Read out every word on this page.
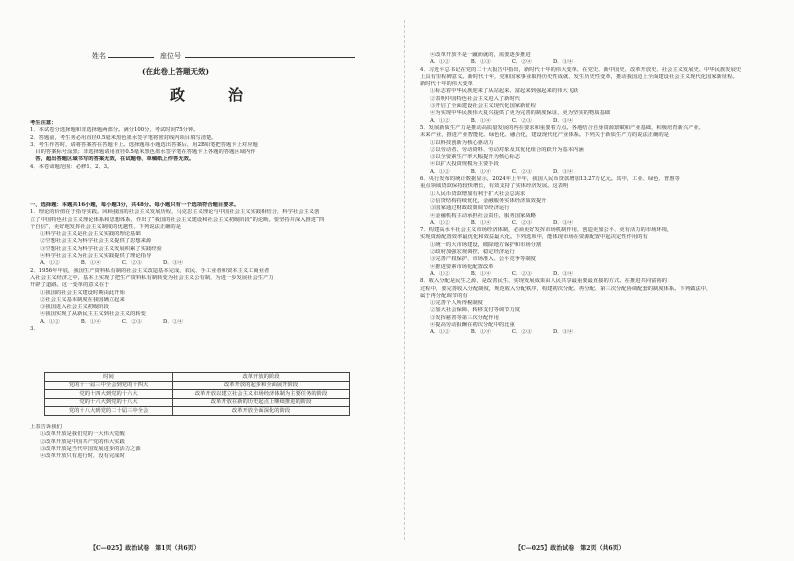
姓名	座位号
(在此卷上答题无效)
政　治
考生注意：
1．本试卷分选择题和非选择题两部分。满分100分，考试时间75分钟。
2．答题前，考生务必用直径0.5毫米黑色墨水签字笔将密封线内项目填写清楚。
3．考生作答时，请将答案答在答题卡上。选择题每小题选出答案后，用2B铅笔把答题卡上对应题
　目的答案标号涂黑；非选择题请用直径0.5毫米黑色墨水签字笔在答题卡上各题的答题区域内作
　答，超出答题区域书写的答案无效，在试题卷、草稿纸上作答无效。
4．本卷命题范围：必修1、2、3。
一、选择题：本题共16小题，每小题3分，共48分。每小题只有一个选项符合题目要求。
1．理论的价值在于指导实践。回顾我国的社会主义发展历程，马克思主义理论与中国社会主义实践相结合，科学社会主义创
立了中国特色社会主义理论体系和思想体系，作出了“我国的社会主义建设和社会主义初级阶段”的论断。要坚持并深入推进“四
个自信”，更好地发挥社会主义制度的优越性，下列说法正确的是
①科学社会主义是社会主义实践的理论基础
②空想社会主义为科学社会主义提供了思想来源
③空想社会主义为科学社会主义发展积累了实践经验
④科学社会主义为社会主义实践提供了理论指导
A．①②　　　　B．①④　　　　C．②③　　　　D．③④
2．1956年年底，我国生产资料私有制的社会主义改造基本完成，农民、手工业者和资本主义工商业者
入社会主义经济之中，基本上实现了把生产资料私有制转变为社会主义公有制，为进一步发展社会生产力
开辟了道路。这一变革的意义在于
①我国的社会主义建设时期由此开始
②社会主义基本制度在我国确立起来
③我国进入社会主义初级阶段
④我国实现了从新民主主义到社会主义的转变
A．①②　　　　B．①④　　　　C．②③　　　　D．②④
3．
时间	改革开放的阶段
党的十一届三中全会到党的十四大	改革开放的起步和全面展开阶段
党的十四大到党的十六大	改革开放以建立社会主义市场经济体制为主要任务的阶段
党的十六大到党的十八大	改革开放在新的历史起点上继续推进的阶段
党的十八大到党的二十届三中全会	改革开放全面深化的阶段
上表告诉我们
①改革开放是我们党的一大伟大觉醒
②改革开放是中国共产党的伟大实践
③改革开放是当代中国发展进步的活力之源
④改革开放只有进行时，没有完成时
【C—025】政治试卷　第1页（共6页）
④改革开放不是一蹴而就的，需要逐步推进
A．①②　　　　B．①③　　　　C．②④　　　　D．③④
4．习近平总书记在党的二十大报告中指出，新时代十年的伟大变革，在党史、新中国史、改革开放史、社会主义发展史、中华民族发展史
上具有里程碑意义。新时代十年，党和国家事业取得历史性成就、发生历史性变革，推动我国迈上全面建设社会主义现代化国家新征程。
新时代十年的伟大变革
①标志着中华民族迎来了从站起来、富起来到强起来的伟大飞跃
②表明中国特色社会主义进入了新时代
③开启了全面建设社会主义现代化国家新征程
④为实现中华民族伟大复兴提供了更为完善的制度保证、更为坚实的物质基础
A．①②　　　　B．①④　　　　C．②③　　　　D．③④
5．发展新质生产力是推动高质量发展的内在要求和重要着力点。各地结合自身资源禀赋和产业基础，积极培育新兴产业、
未来产业，推进产业智能化、绿色化、融合化，建设现代化产业体系。下列关于新质生产力的说法正确的是
①以科技创新为核心驱动力
②以劳动者、劳动资料、劳动对象及其优化组合的跃升为基本内涵
③以全要素生产率大幅提升为核心标志
④以扩大投资规模为主要手段
A．①②　　　　B．①④　　　　C．②③　　　　D．③④
6．央行发布的统计数据显示，2024年上半年，我国人民币贷款增加13.27万亿元。其中，工业、绿色、普惠等
重点领域贷款保持较快增长，有效支持了实体经济发展。这表明
①人民币贷款增加有利于扩大社会总需求
②信贷结构持续优化，金融服务实体经济质效提升
③国家通过财政政策调节经济运行
④金融机构主动承担社会责任，服务国家战略
A．①②　　　　B．①④　　　　C．②③　　　　D．③④
7．构建高水平社会主义市场经济体制，必须更好发挥市场机制作用，创造更加公平、更有活力的市场环境，
实现资源配置效率最优化和效益最大化。下列选项中，能体现市场在资源配置中起决定性作用的有
①统一的大市场建设，破除地方保护和市场分割
②政府加强宏观调控，稳定经济运行
③完善产权保护、市场准入、公平竞争等制度
④推进要素市场化配置改革
A．①②　　　　B．①④　　　　C．②③　　　　D．③④
8．收入分配是民生之源，是改善民生、实现发展成果由人民共享最重要最直接的方式。在推进共同富裕的
过程中，要完善收入分配制度，规范收入分配秩序，构建初次分配、再分配、第三次分配协调配套的制度体系。下列做法中，
属于再分配调节的有
①完善个人所得税制度
②加大社会保障、转移支付等调节力度
③发挥慈善等第三次分配作用
④提高劳动报酬在初次分配中的比重
A．①②　　　　B．①④　　　　C．②③　　　　D．③④
【C—025】政治试卷　第2页（共6页）
